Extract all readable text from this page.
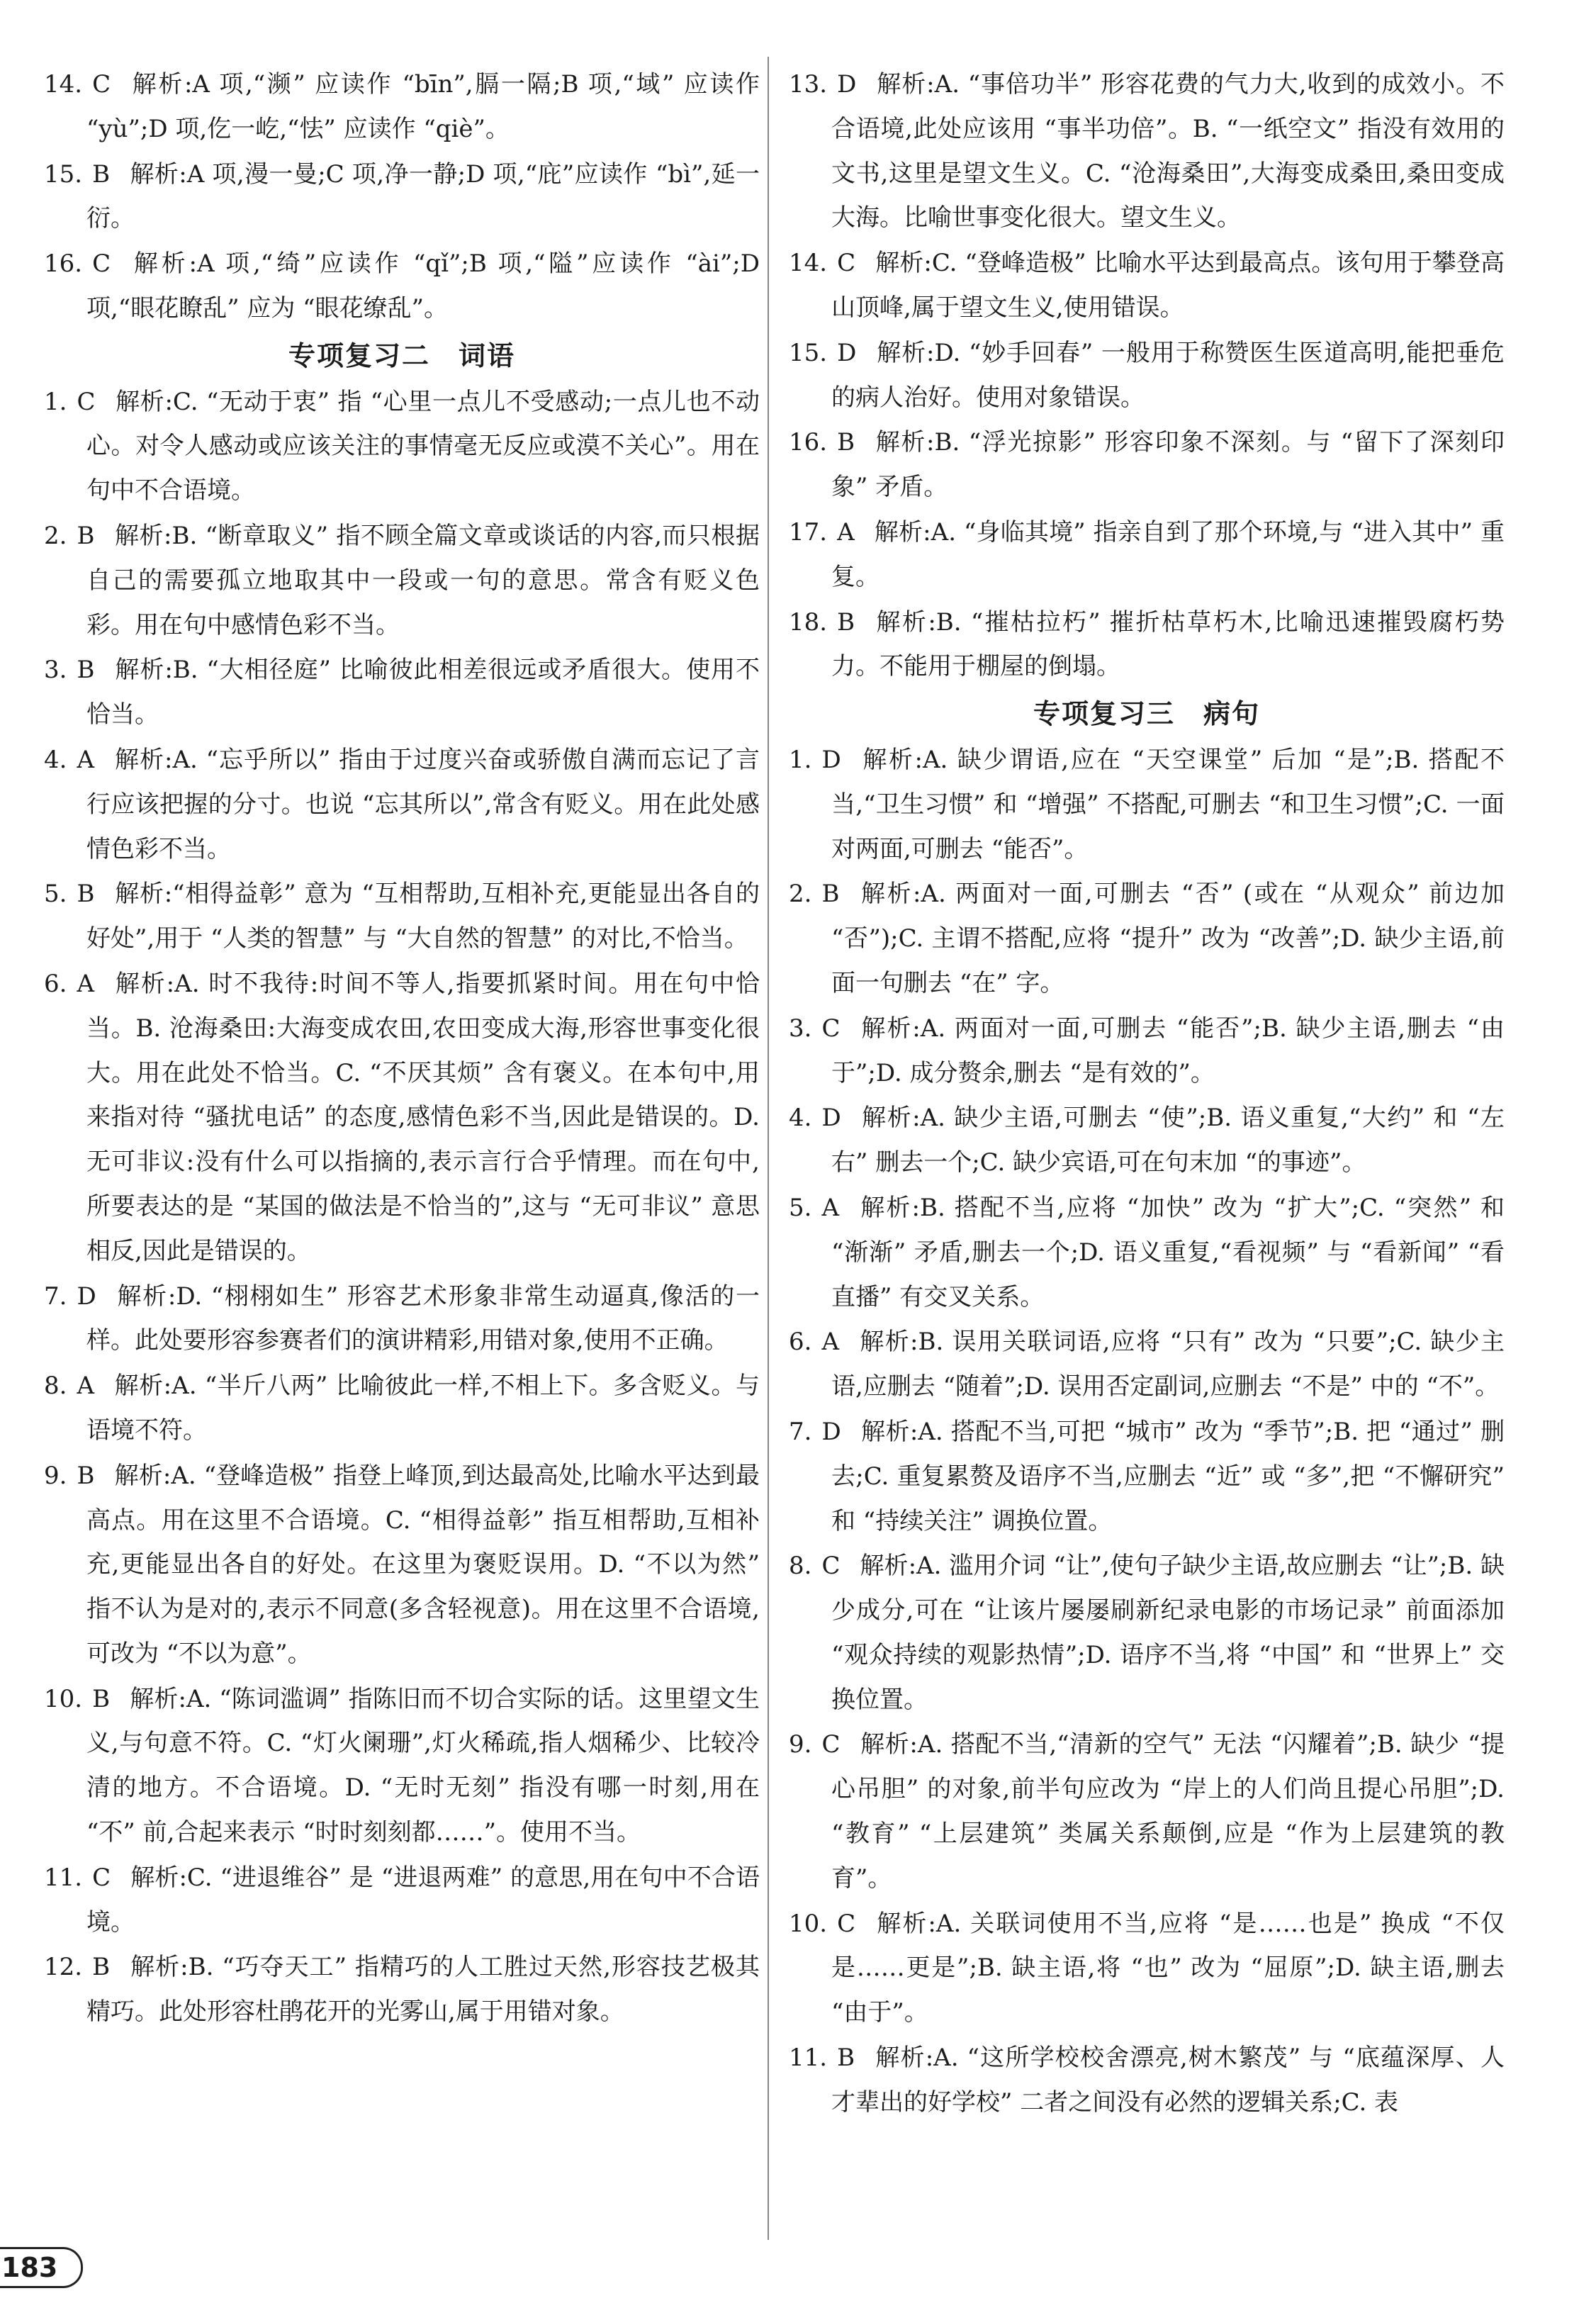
14. C 解析:A 项,“濒” 应读作 “bīn”,膈一隔;B 项,“域” 应读作 “yù”;D 项,仡一屹,“怯” 应读作 “qiè”。
15. B 解析:A 项,漫一曼;C 项,净一静;D 项,“庇”应读作 “bì”,延一衍。
16. C 解析:A 项,“绮”应读作 “qǐ”;B 项,“隘”应读作 “ài”;D 项,“眼花瞭乱” 应为 “眼花缭乱”。
专项复习二　词语
1. C 解析:C. “无动于衷” 指 “心里一点儿不受感动;一点儿也不动心。对令人感动或应该关注的事情毫无反应或漠不关心”。用在句中不合语境。
2. B 解析:B. “断章取义” 指不顾全篇文章或谈话的内容,而只根据自己的需要孤立地取其中一段或一句的意思。常含有贬义色彩。用在句中感情色彩不当。
3. B 解析:B. “大相径庭” 比喻彼此相差很远或矛盾很大。使用不恰当。
4. A 解析:A. “忘乎所以” 指由于过度兴奋或骄傲自满而忘记了言行应该把握的分寸。也说 “忘其所以”,常含有贬义。用在此处感情色彩不当。
5. B 解析:“相得益彰” 意为 “互相帮助,互相补充,更能显出各自的好处”,用于 “人类的智慧” 与 “大自然的智慧” 的对比,不恰当。
6. A 解析:A. 时不我待:时间不等人,指要抓紧时间。用在句中恰当。B. 沧海桑田:大海变成农田,农田变成大海,形容世事变化很大。用在此处不恰当。C. “不厌其烦” 含有褒义。在本句中,用来指对待 “骚扰电话” 的态度,感情色彩不当,因此是错误的。D. 无可非议:没有什么可以指摘的,表示言行合乎情理。而在句中,所要表达的是 “某国的做法是不恰当的”,这与 “无可非议” 意思相反,因此是错误的。
7. D 解析:D. “栩栩如生” 形容艺术形象非常生动逼真,像活的一样。此处要形容参赛者们的演讲精彩,用错对象,使用不正确。
8. A 解析:A. “半斤八两” 比喻彼此一样,不相上下。多含贬义。与语境不符。
9. B 解析:A. “登峰造极” 指登上峰顶,到达最高处,比喻水平达到最高点。用在这里不合语境。C. “相得益彰” 指互相帮助,互相补充,更能显出各自的好处。在这里为褒贬误用。D. “不以为然” 指不认为是对的,表示不同意(多含轻视意)。用在这里不合语境,可改为 “不以为意”。
10. B 解析:A. “陈词滥调” 指陈旧而不切合实际的话。这里望文生义,与句意不符。C. “灯火阑珊”,灯火稀疏,指人烟稀少、比较冷清的地方。不合语境。D. “无时无刻” 指没有哪一时刻,用在 “不” 前,合起来表示 “时时刻刻都……”。使用不当。
11. C 解析:C. “进退维谷” 是 “进退两难” 的意思,用在句中不合语境。
12. B 解析:B. “巧夺天工” 指精巧的人工胜过天然,形容技艺极其精巧。此处形容杜鹃花开的光雾山,属于用错对象。
13. D 解析:A. “事倍功半” 形容花费的气力大,收到的成效小。不合语境,此处应该用 “事半功倍”。B. “一纸空文” 指没有效用的文书,这里是望文生义。C. “沧海桑田”,大海变成桑田,桑田变成大海。比喻世事变化很大。望文生义。
14. C 解析:C. “登峰造极” 比喻水平达到最高点。该句用于攀登高山顶峰,属于望文生义,使用错误。
15. D 解析:D. “妙手回春” 一般用于称赞医生医道高明,能把垂危的病人治好。使用对象错误。
16. B 解析:B. “浮光掠影” 形容印象不深刻。与 “留下了深刻印象” 矛盾。
17. A 解析:A. “身临其境” 指亲自到了那个环境,与 “进入其中” 重复。
18. B 解析:B. “摧枯拉朽” 摧折枯草朽木,比喻迅速摧毁腐朽势力。不能用于棚屋的倒塌。
专项复习三　病句
1. D 解析:A. 缺少谓语,应在 “天空课堂” 后加 “是”;B. 搭配不当,“卫生习惯” 和 “增强” 不搭配,可删去 “和卫生习惯”;C. 一面对两面,可删去 “能否”。
2. B 解析:A. 两面对一面,可删去 “否” (或在 “从观众” 前边加 “否”);C. 主谓不搭配,应将 “提升” 改为 “改善”;D. 缺少主语,前面一句删去 “在” 字。
3. C 解析:A. 两面对一面,可删去 “能否”;B. 缺少主语,删去 “由于”;D. 成分赘余,删去 “是有效的”。
4. D 解析:A. 缺少主语,可删去 “使”;B. 语义重复,“大约” 和 “左右” 删去一个;C. 缺少宾语,可在句末加 “的事迹”。
5. A 解析:B. 搭配不当,应将 “加快” 改为 “扩大”;C. “突然” 和 “渐渐” 矛盾,删去一个;D. 语义重复,“看视频” 与 “看新闻” “看直播” 有交叉关系。
6. A 解析:B. 误用关联词语,应将 “只有” 改为 “只要”;C. 缺少主语,应删去 “随着”;D. 误用否定副词,应删去 “不是” 中的 “不”。
7. D 解析:A. 搭配不当,可把 “城市” 改为 “季节”;B. 把 “通过” 删去;C. 重复累赘及语序不当,应删去 “近” 或 “多”,把 “不懈研究” 和 “持续关注” 调换位置。
8. C 解析:A. 滥用介词 “让”,使句子缺少主语,故应删去 “让”;B. 缺少成分,可在 “让该片屡屡刷新纪录电影的市场记录” 前面添加 “观众持续的观影热情”;D. 语序不当,将 “中国” 和 “世界上” 交换位置。
9. C 解析:A. 搭配不当,“清新的空气” 无法 “闪耀着”;B. 缺少 “提心吊胆” 的对象,前半句应改为 “岸上的人们尚且提心吊胆”;D. “教育” “上层建筑” 类属关系颠倒,应是 “作为上层建筑的教育”。
10. C 解析:A. 关联词使用不当,应将 “是……也是” 换成 “不仅是……更是”;B. 缺主语,将 “也” 改为 “屈原”;D. 缺主语,删去 “由于”。
11. B 解析:A. “这所学校校舍漂亮,树木繁茂” 与 “底蕴深厚、人才辈出的好学校” 二者之间没有必然的逻辑关系;C. 表
183
